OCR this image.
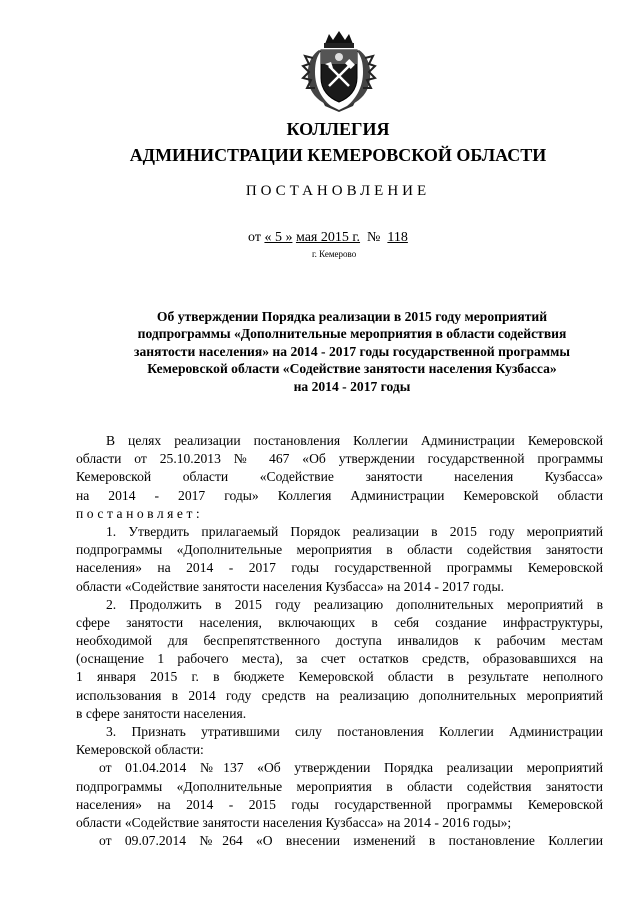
КОЛЛЕГИЯ
АДМИНИСТРАЦИИ КЕМЕРОВСКОЙ ОБЛАСТИ
ПОСТАНОВЛЕНИЕ
от « 5 » мая 2015 г. № 118
г. Кемерово
Об утверждении Порядка реализации в 2015 году мероприятий
подпрограммы «Дополнительные мероприятия в области содействия
занятости населения» на 2014 - 2017 годы государственной программы
Кемеровской области «Содействие занятости населения Кузбасса»
на 2014 - 2017 годы
В целях реализации постановления Коллегии Администрации Кемеровской
области от 25.10.2013 № 467 «Об утверждении государственной программы
Кемеровской области «Содействие занятости населения Кузбасса»
на 2014 - 2017 годы» Коллегия Администрации Кемеровской области
постановляет:
1. Утвердить прилагаемый Порядок реализации в 2015 году мероприятий
подпрограммы «Дополнительные мероприятия в области содействия занятости
населения» на 2014 - 2017 годы государственной программы Кемеровской
области «Содействие занятости населения Кузбасса» на 2014 - 2017 годы.
2. Продолжить в 2015 году реализацию дополнительных мероприятий в
сфере занятости населения, включающих в себя создание инфраструктуры,
необходимой для беспрепятственного доступа инвалидов к рабочим местам
(оснащение 1 рабочего места), за счет остатков средств, образовавшихся на
1 января 2015 г. в бюджете Кемеровской области в результате неполного
использования в 2014 году средств на реализацию дополнительных мероприятий
в сфере занятости населения.
3. Признать утратившими силу постановления Коллегии Администрации
Кемеровской области:
от 01.04.2014 №137 «Об утверждении Порядка реализации мероприятий
подпрограммы «Дополнительные мероприятия в области содействия занятости
населения» на 2014 - 2015 годы государственной программы Кемеровской
области «Содействие занятости населения Кузбасса» на 2014 - 2016 годы»;
от 09.07.2014 №264 «О внесении изменений в постановление Коллегии
